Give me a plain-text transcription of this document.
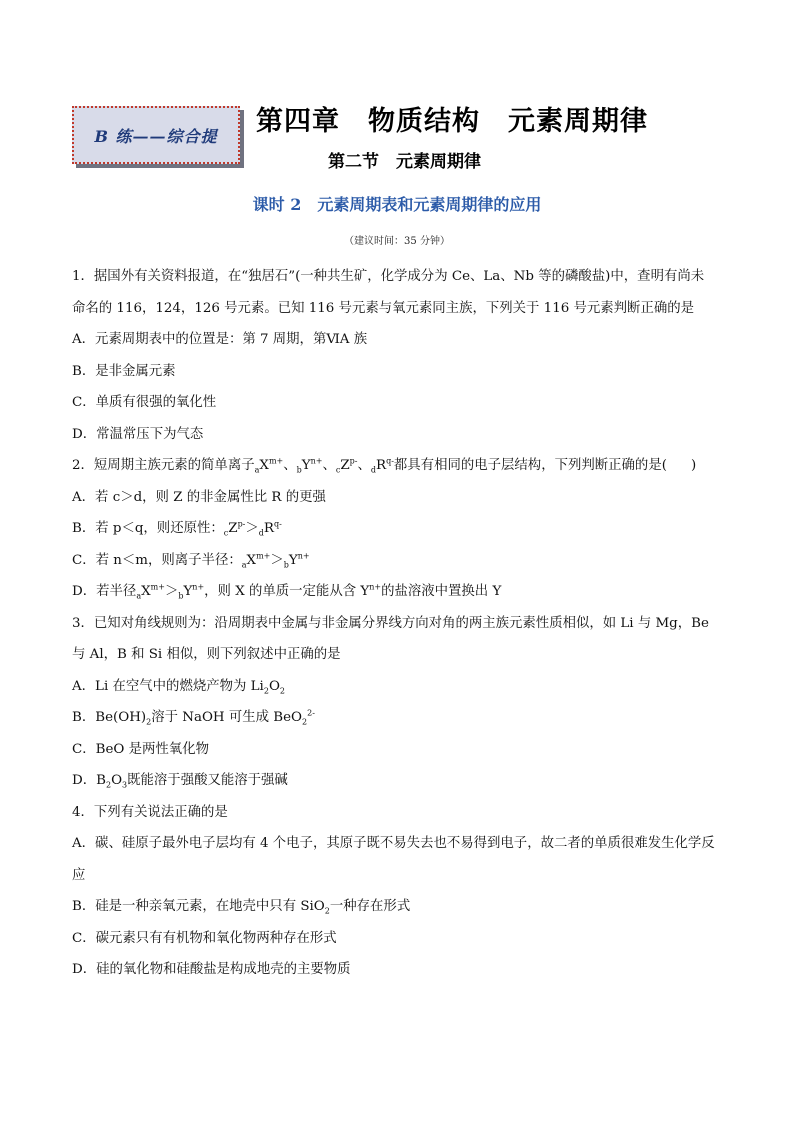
B 练——综合提	第四章　物质结构　元素周期律
第二节　元素周期律
课时 2　元素周期表和元素周期律的应用
（建议时间：35 分钟）

1．据国外有关资料报道，在“独居石”(一种共生矿，化学成分为 Ce、La、Nb 等的磷酸盐)中，查明有尚未

命名的 116，124，126 号元素。已知 116 号元素与氧元素同主族，下列关于 116 号元素判断正确的是

A．元素周期表中的位置是：第 7 周期，第ⅥA 族

B．是非金属元素

C．单质有很强的氧化性

D．常温常压下为气态

2．短周期主族元素的简单离子$_aX^{m+}$、$_bY^{n+}$、$_cZ^{p-}$、$_dR^{q-}$都具有相同的电子层结构，下列判断正确的是( )

A．若 c＞d，则 Z 的非金属性比 R 的更强

B．若 p＜q，则还原性：$_cZ^{p-}>_dR^{q-}$

C．若 n＜m，则离子半径：$_aX^{m+}>_bY^{n+}$

D．若半径$_aX^{m+}>_bY^{n+}$，则 X 的单质一定能从含 $Y^{n+}$的盐溶液中置换出 Y

3．已知对角线规则为：沿周期表中金属与非金属分界线方向对角的两主族元素性质相似，如 Li 与 Mg，Be

与 Al，B 和 Si 相似，则下列叙述中正确的是

A．Li 在空气中的燃烧产物为 $Li_2O_2$

B．$Be(OH)_2$溶于 NaOH 可生成 BeO$_2^{2-}$

C．BeO 是两性氧化物

D．$B_2O_3$既能溶于强酸又能溶于强碱

4．下列有关说法正确的是

A．碳、硅原子最外电子层均有 4 个电子，其原子既不易失去也不易得到电子，故二者的单质很难发生化学反应

B．硅是一种亲氧元素，在地壳中只有 SiO$_2$一种存在形式

C．碳元素只有有机物和氧化物两种存在形式

D．硅的氧化物和硅酸盐是构成地壳的主要物质
